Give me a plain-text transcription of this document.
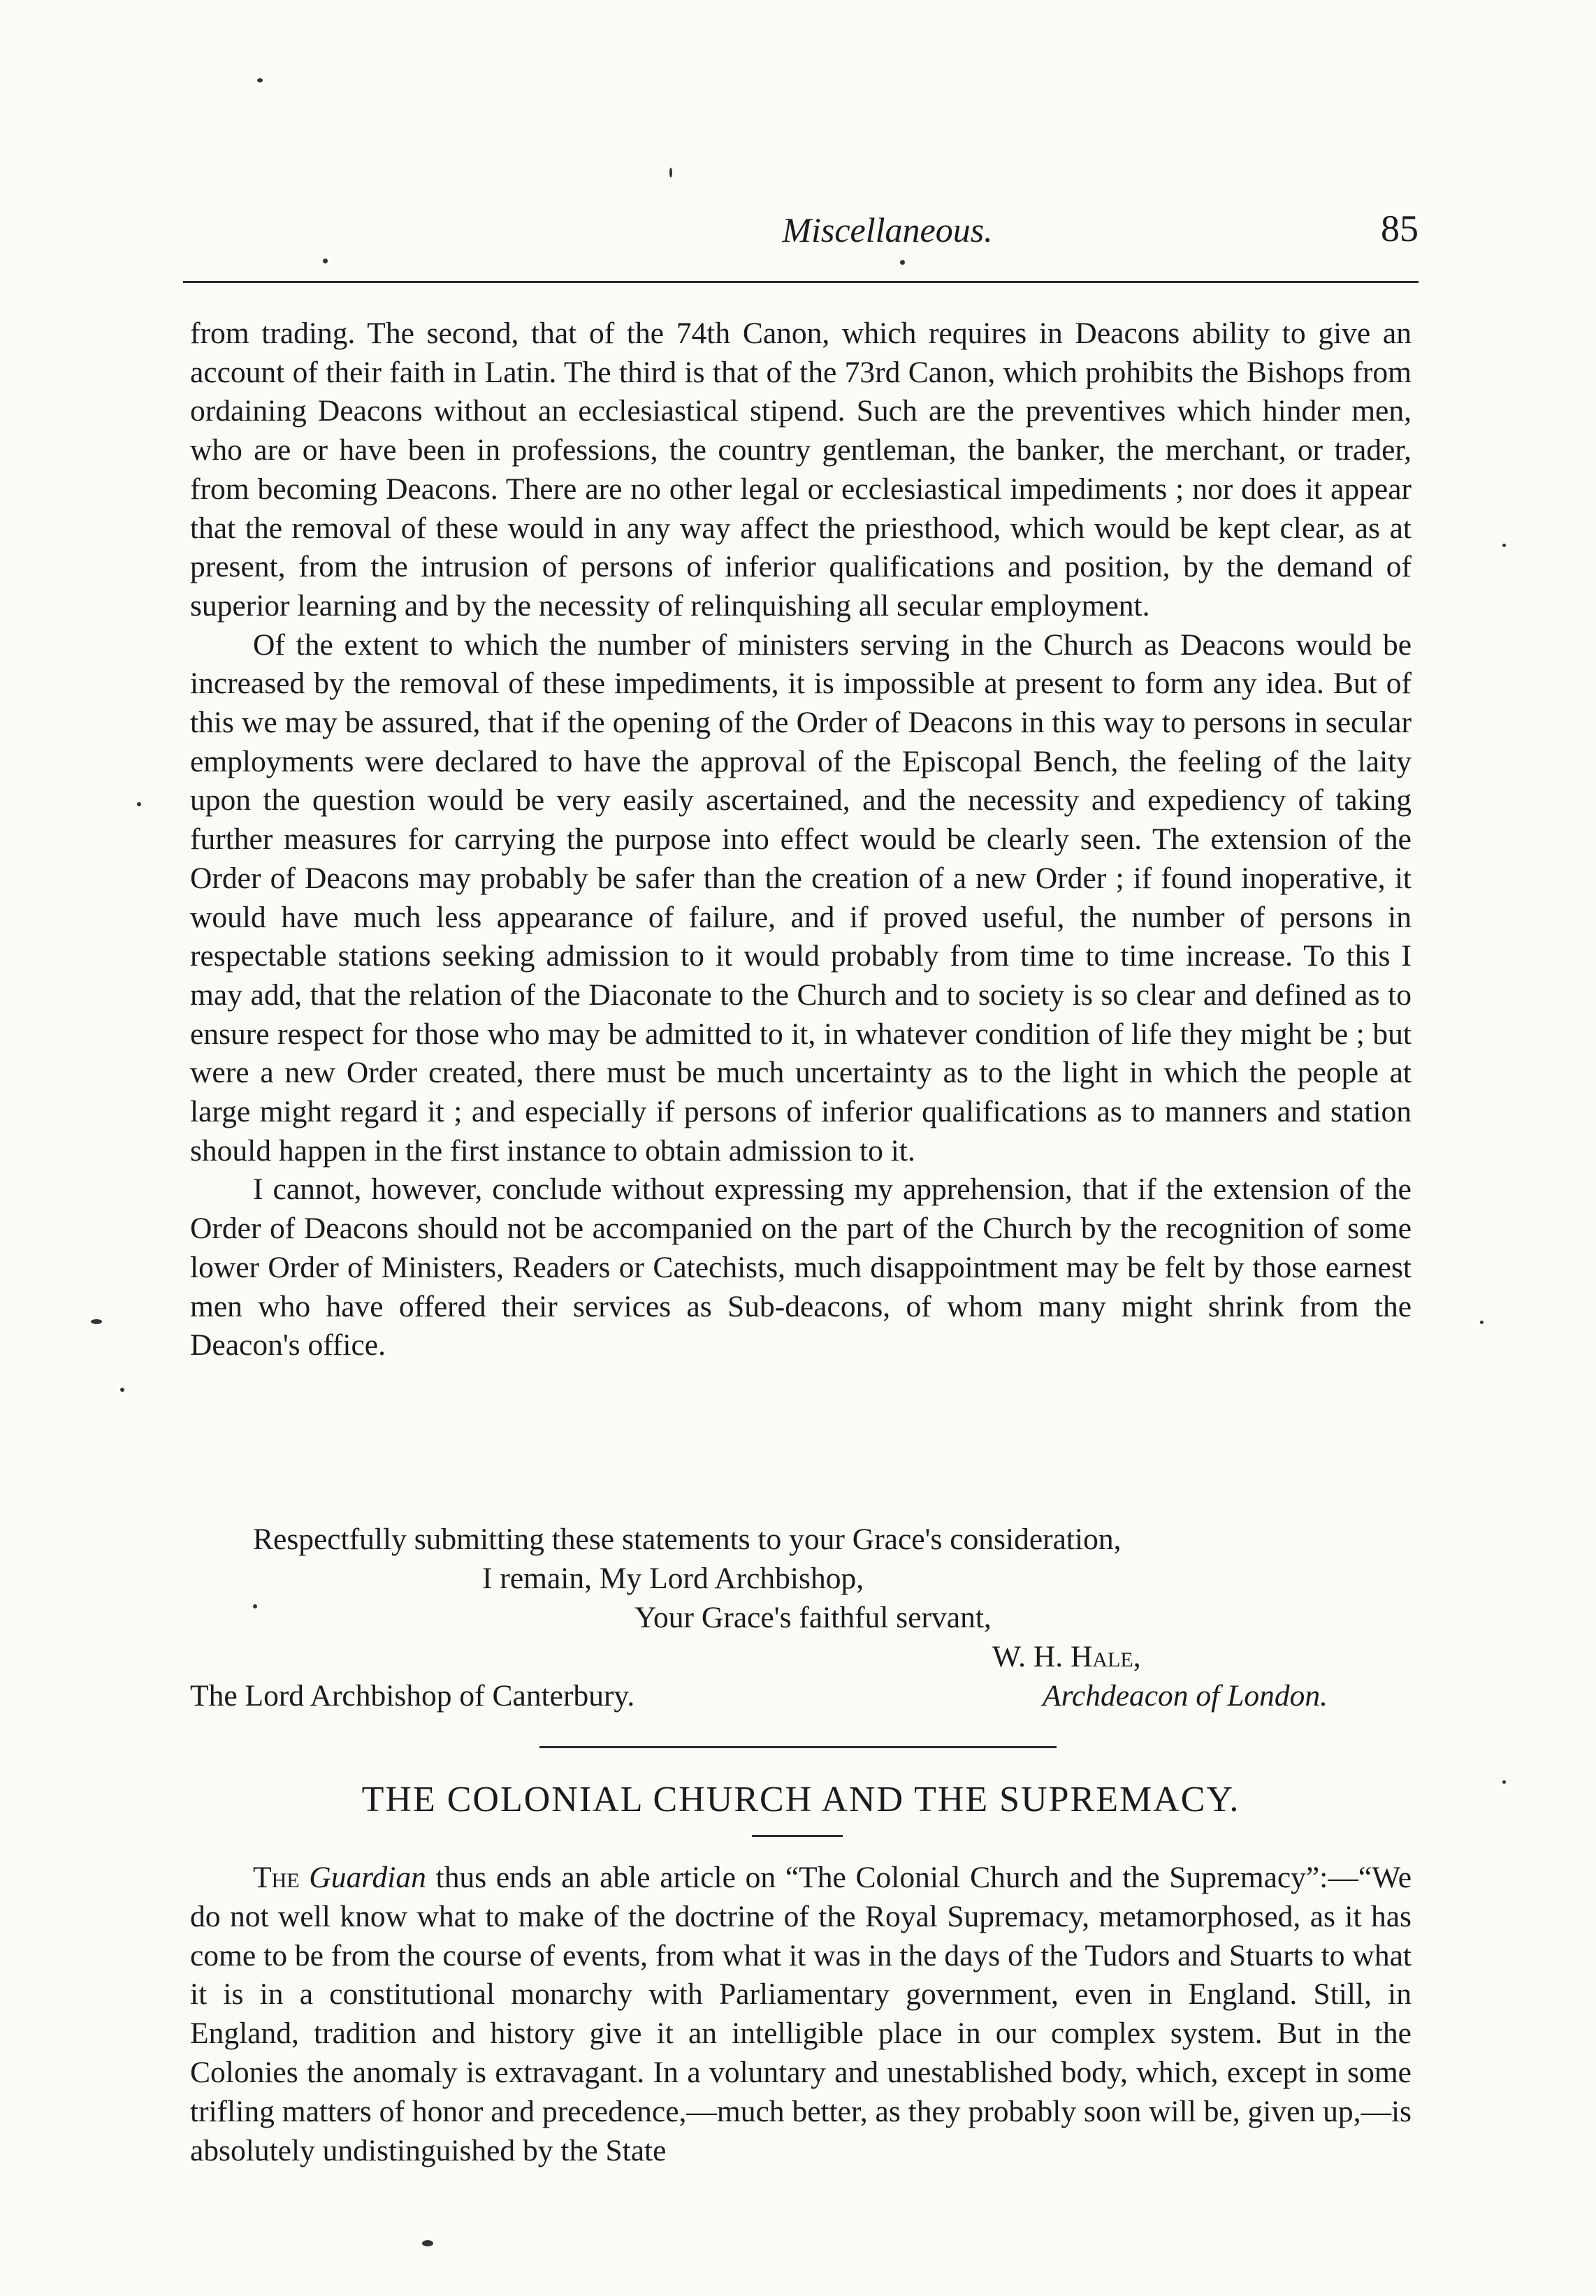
Miscellaneous.	85

from trading. The second, that of the 74th Canon, which requires in Deacons ability to give an account of their faith in Latin. The third is that of the 73rd Canon, which prohibits the Bishops from ordaining Deacons without an ecclesiastical stipend. Such are the preventives which hinder men, who are or have been in professions, the country gentleman, the banker, the merchant, or trader, from becoming Deacons. There are no other legal or ecclesiastical impediments ; nor does it appear that the removal of these would in any way affect the priesthood, which would be kept clear, as at present, from the intrusion of persons of inferior qualifications and position, by the demand of superior learning and by the necessity of relinquishing all secular employment.

Of the extent to which the number of ministers serving in the Church as Deacons would be increased by the removal of these impediments, it is impossible at present to form any idea. But of this we may be assured, that if the opening of the Order of Deacons in this way to persons in secular employments were declared to have the approval of the Episcopal Bench, the feeling of the laity upon the question would be very easily ascertained, and the necessity and expediency of taking further measures for carrying the purpose into effect would be clearly seen. The extension of the Order of Deacons may probably be safer than the creation of a new Order ; if found inoperative, it would have much less appearance of failure, and if proved useful, the number of persons in respectable stations seeking admission to it would probably from time to time increase. To this I may add, that the relation of the Diaconate to the Church and to society is so clear and defined as to ensure respect for those who may be admitted to it, in whatever condition of life they might be ; but were a new Order created, there must be much uncertainty as to the light in which the people at large might regard it ; and especially if persons of inferior qualifications as to manners and station should happen in the first instance to obtain admission to it.

I cannot, however, conclude without expressing my apprehension, that if the extension of the Order of Deacons should not be accompanied on the part of the Church by the recognition of some lower Order of Ministers, Readers or Catechists, much disappointment may be felt by those earnest men who have offered their services as Sub-deacons, of whom many might shrink from the Deacon's office.

Respectfully submitting these statements to your Grace's consideration,
I remain, My Lord Archbishop,
Your Grace's faithful servant,
W. H. Hale,
The Lord Archbishop of Canterbury.	Archdeacon of London.
THE COLONIAL CHURCH AND THE SUPREMACY.

The Guardian thus ends an able article on “The Colonial Church and the Supremacy”:—“We do not well know what to make of the doctrine of the Royal Supremacy, metamorphosed, as it has come to be from the course of events, from what it was in the days of the Tudors and Stuarts to what it is in a constitutional monarchy with Parliamentary government, even in England. Still, in England, tradition and history give it an intelligible place in our complex system. But in the Colonies the anomaly is extravagant. In a voluntary and unestablished body, which, except in some trifling matters of honor and precedence,—much better, as they probably soon will be, given up,—is absolutely undistinguished by the State
